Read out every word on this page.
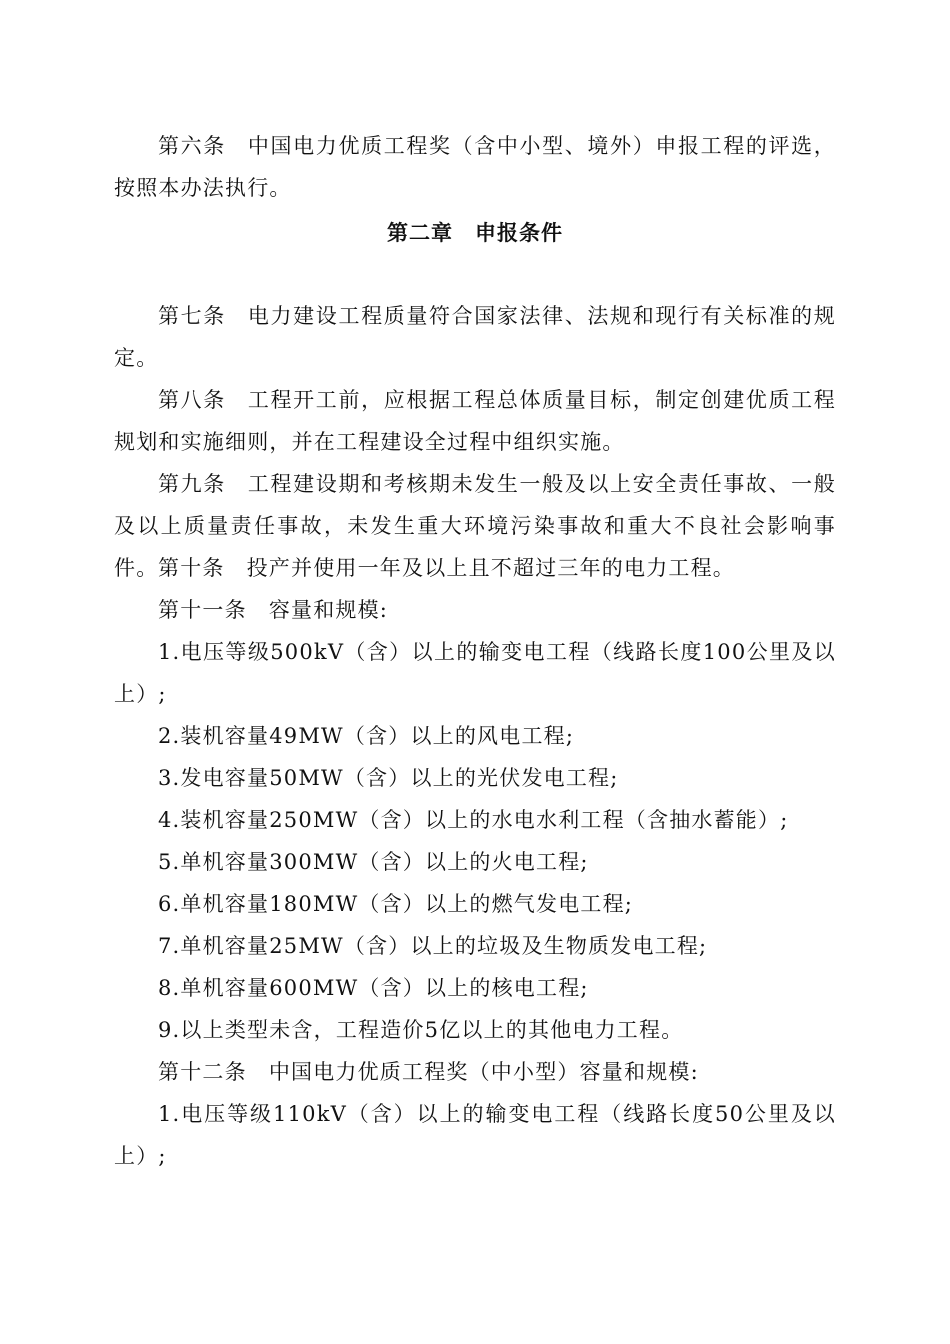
第六条 中国电力优质工程奖（含中小型、境外）申报工程的评选，按照本办法执行。

第二章 申报条件

第七条 电力建设工程质量符合国家法律、法规和现行有关标准的规定。

第八条 工程开工前，应根据工程总体质量目标，制定创建优质工程规划和实施细则，并在工程建设全过程中组织实施。

第九条 工程建设期和考核期未发生一般及以上安全责任事故、一般及以上质量责任事故，未发生重大环境污染事故和重大不良社会影响事件。 第十条 投产并使用一年及以上且不超过三年的电力工程。

第十一条 容量和规模:

1.电压等级500kV（含）以上的输变电工程（线路长度100公里及以上）;

2.装机容量49MW（含）以上的风电工程;

3.发电容量50MW（含）以上的光伏发电工程;

4.装机容量250MW（含）以上的水电水利工程（含抽水蓄能）;

5.单机容量300MW（含）以上的火电工程;

6.单机容量180MW（含）以上的燃气发电工程;

7.单机容量25MW（含）以上的垃圾及生物质发电工程;

8.单机容量600MW（含）以上的核电工程;

9.以上类型未含，工程造价5亿以上的其他电力工程。

第十二条 中国电力优质工程奖（中小型）容量和规模:

1.电压等级110kV（含）以上的输变电工程（线路长度50公里及以上）;
